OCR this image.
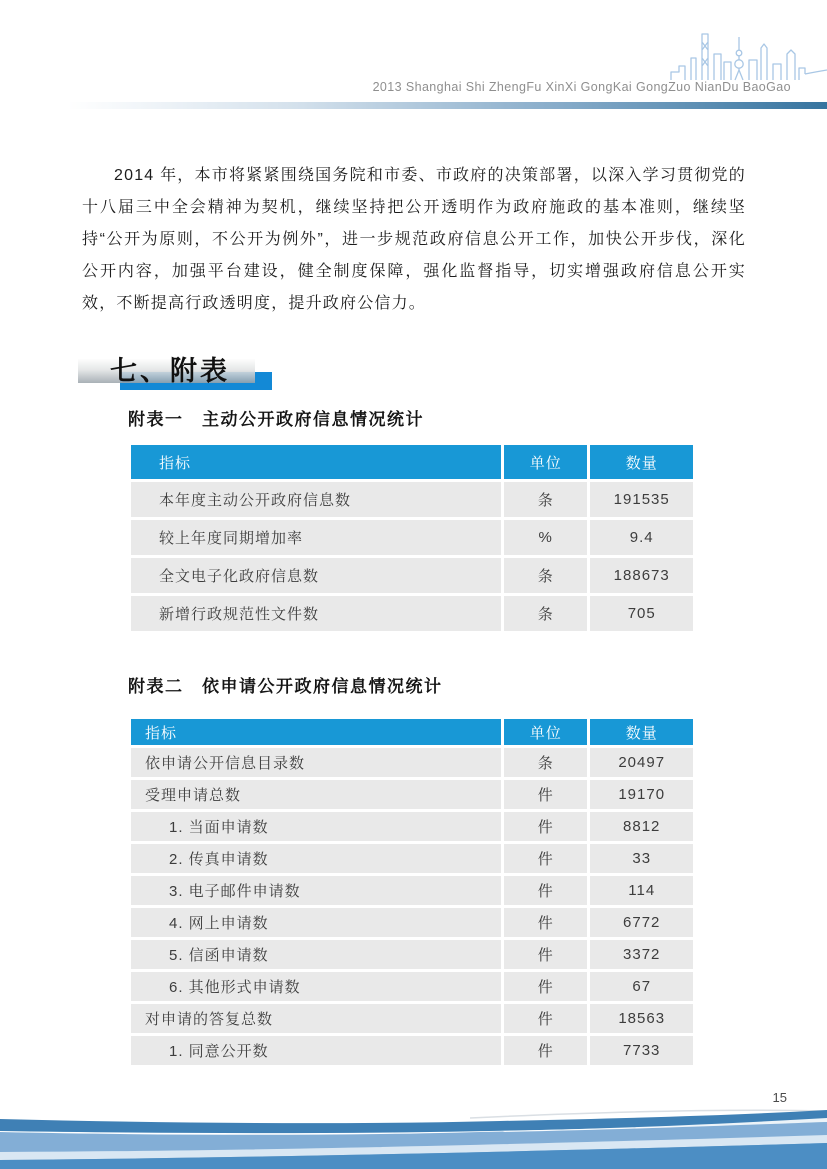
2013 Shanghai Shi ZhengFu XinXi GongKai GongZuo NianDu BaoGao

2014 年，本市将紧紧围绕国务院和市委、市政府的决策部署，以深入学习贯彻党的十八届三中全会精神为契机，继续坚持把公开透明作为政府施政的基本准则，继续坚持“公开为原则，不公开为例外”，进一步规范政府信息公开工作，加快公开步伐，深化公开内容，加强平台建设，健全制度保障，强化监督指导，切实增强政府信息公开实效，不断提高行政透明度，提升政府公信力。

七、附表
附表一　主动公开政府信息情况统计
指标	单位	数量
本年度主动公开政府信息数	条	191535
较上年度同期增加率	%	9.4
全文电子化政府信息数	条	188673
新增行政规范性文件数	条	705
附表二　依申请公开政府信息情况统计
指标	单位	数量
依申请公开信息目录数	条	20497
受理申请总数	件	19170
1. 当面申请数	件	8812
2. 传真申请数	件	33
3. 电子邮件申请数	件	114
4. 网上申请数	件	6772
5. 信函申请数	件	3372
6. 其他形式申请数	件	67
对申请的答复总数	件	18563
1. 同意公开数	件	7733
15
